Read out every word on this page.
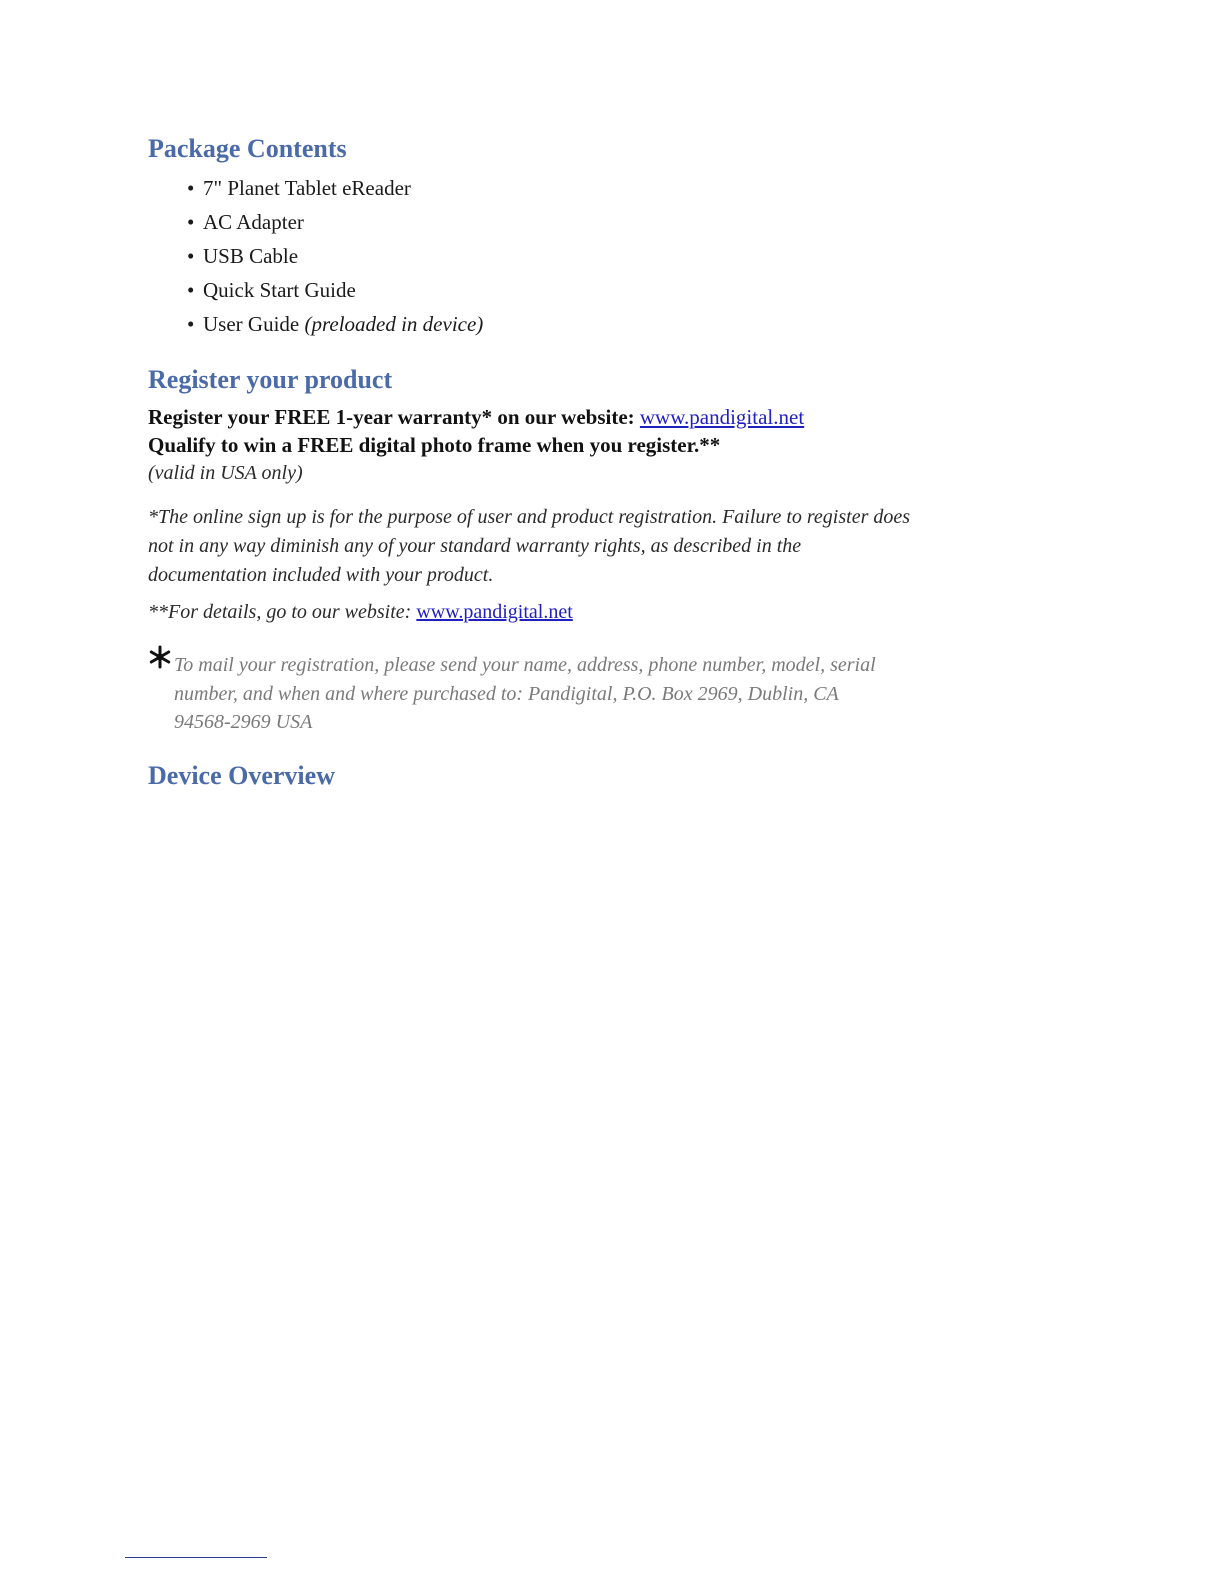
Package Contents
• 7" Planet Tablet eReader
• AC Adapter
• USB Cable
• Quick Start Guide
• User Guide (preloaded in device)
Register your product
Register your FREE 1-year warranty* on our website: www.pandigital.net
Qualify to win a FREE digital photo frame when you register.**
(valid in USA only)
*The online sign up is for the purpose of user and product registration. Failure to register does
not in any way diminish any of your standard warranty rights, as described in the
documentation included with your product.
**For details, go to our website: www.pandigital.net
To mail your registration, please send your name, address, phone number, model, serial
number, and when and where purchased to: Pandigital, P.O. Box 2969, Dublin, CA
94568-2969 USA
Device Overview
